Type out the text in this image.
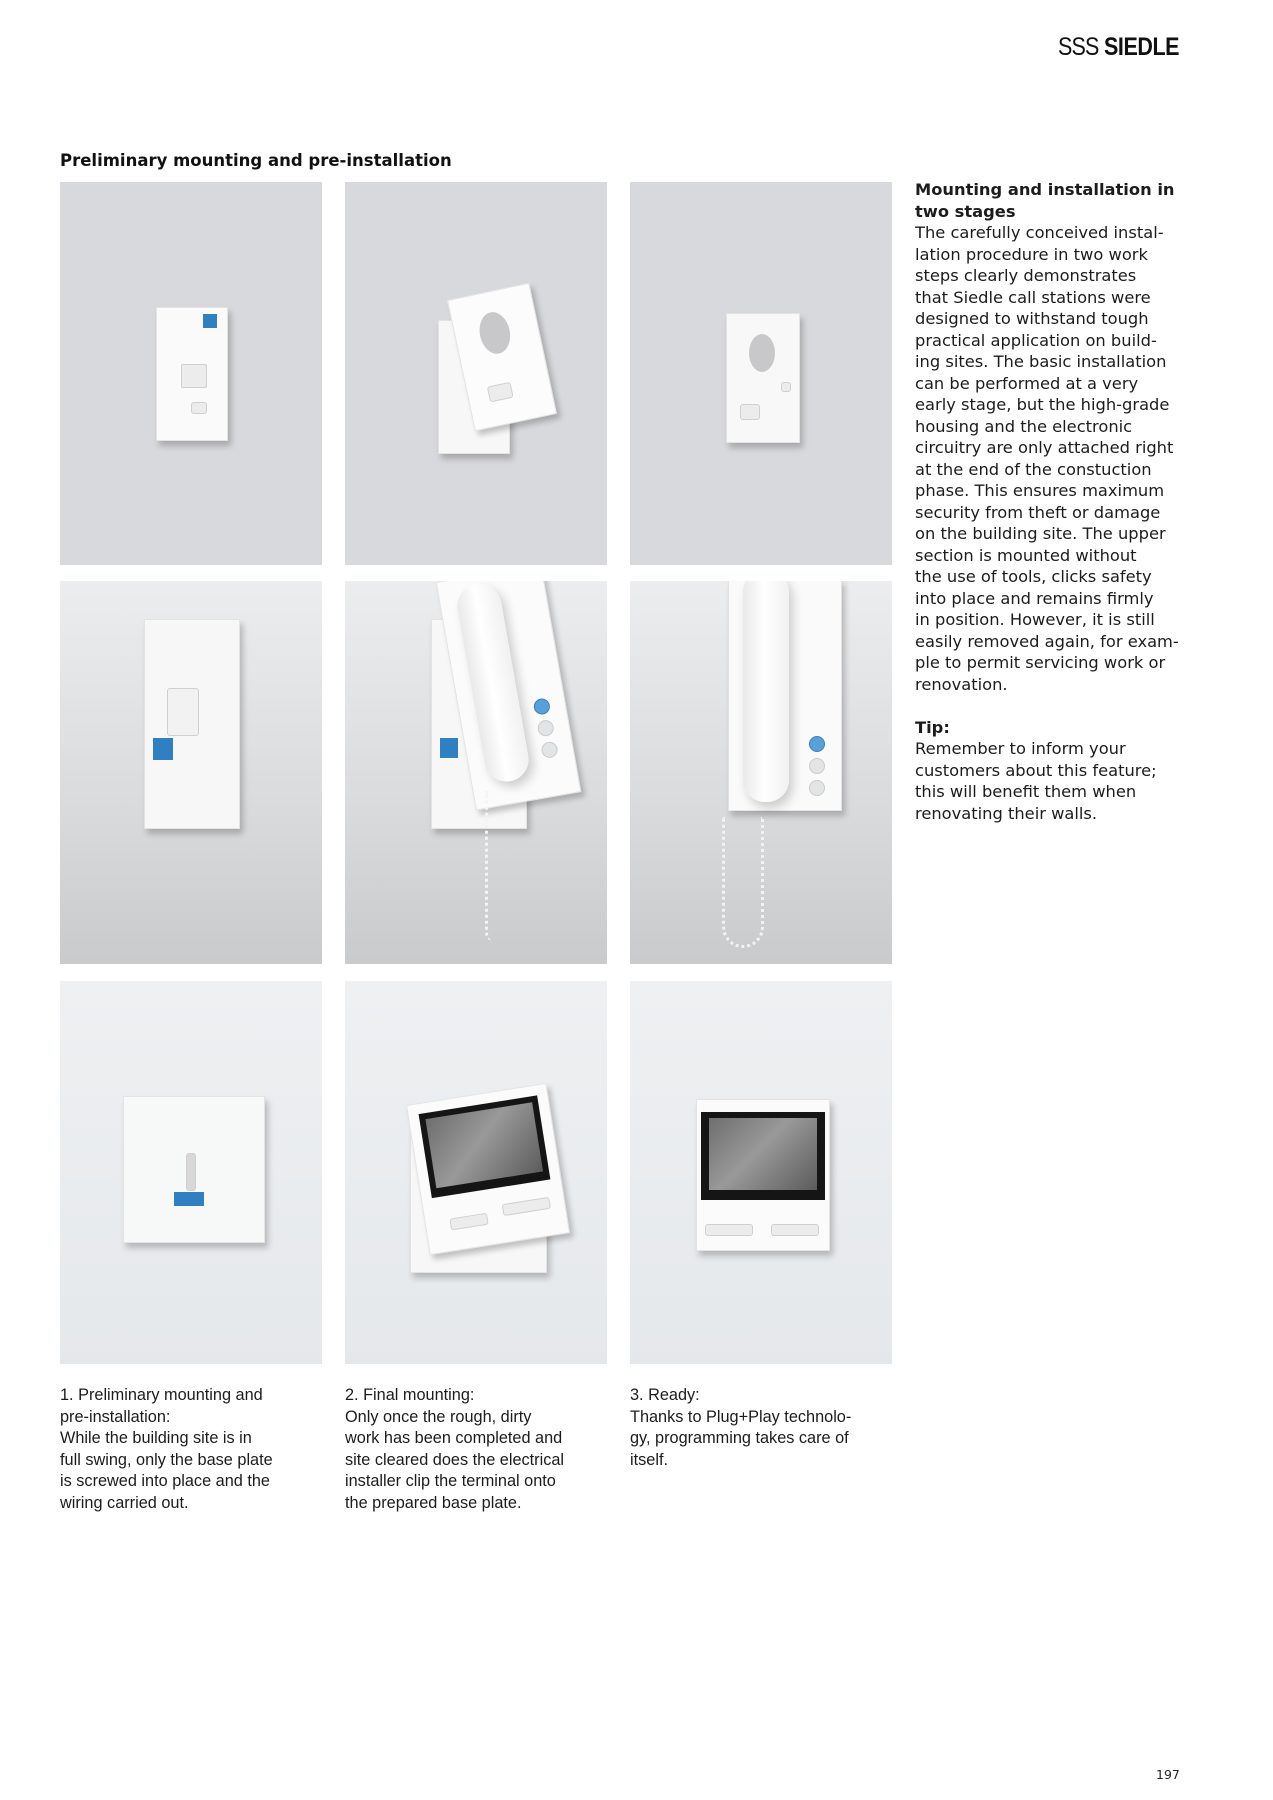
SSS SIEDLE
Preliminary mounting and pre-installation
Mounting and installation in two stages

The carefully conceived instal-

lation procedure in two work

steps clearly demonstrates

that Siedle call stations were

designed to withstand tough

practical application on build-

ing sites. The basic installation

can be performed at a very

early stage, but the high-grade

housing and the electronic

circuitry are only attached right

at the end of the constuction

phase. This ensures maximum

security from theft or damage

on the building site. The upper

section is mounted without

the use of tools, clicks safety

into place and remains firmly

in position. However, it is still

easily removed again, for exam-

ple to permit servicing work or

renovation.

Tip:

Remember to inform your

customers about this feature;

this will benefit them when

renovating their walls.

1. Preliminary mounting and

pre-installation:

While the building site is in

full swing, only the base plate

is screwed into place and the

wiring carried out.

2. Final mounting:

Only once the rough, dirty

work has been completed and

site cleared does the electrical

installer clip the terminal onto

the prepared base plate.

3. Ready:

Thanks to Plug+Play technolo-

gy, programming takes care of

itself.

197
